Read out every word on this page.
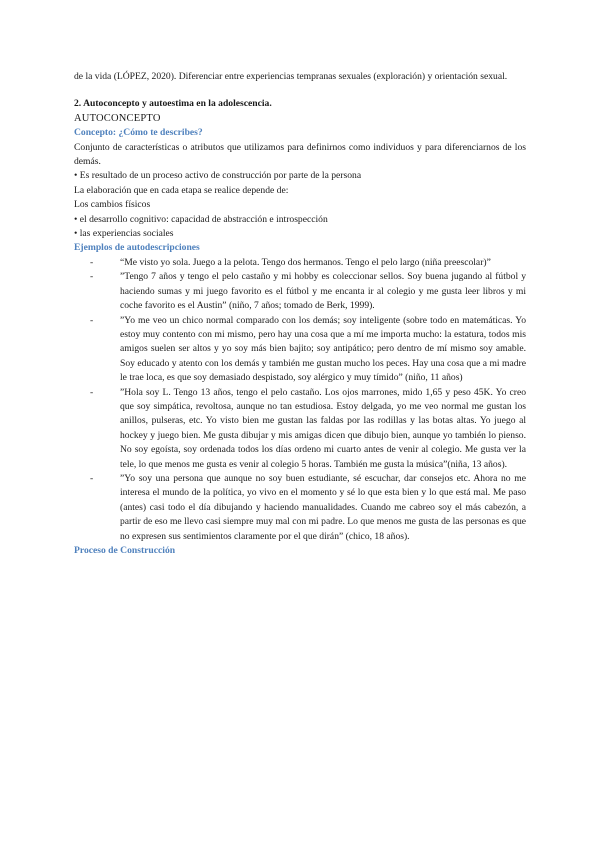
de la vida (LÓPEZ, 2020). Diferenciar entre experiencias tempranas sexuales (exploración) y orientación sexual.

2. Autoconcepto y autoestima en la adolescencia.

AUTOCONCEPTO

Concepto: ¿Cómo te describes?

Conjunto de características o atributos que utilizamos para definirnos como individuos y para diferenciarnos de los demás.

• Es resultado de un proceso activo de construcción por parte de la persona

La elaboración que en cada etapa se realice depende de:

Los cambios físicos

• el desarrollo cognitivo: capacidad de abstracción e introspección

• las experiencias sociales

Ejemplos de autodescripciones

-	“Me visto yo sola. Juego a la pelota. Tengo dos hermanos. Tengo el pelo largo (niña preescolar)”
-	”Tengo 7 años y tengo el pelo castaño y mi hobby es coleccionar sellos. Soy buena jugando al fútbol y haciendo sumas y mi juego favorito es el fútbol y me encanta ir al colegio y me gusta leer libros y mi coche favorito es el Austin” (niño, 7 años; tomado de Berk, 1999).
-	”Yo me veo un chico normal comparado con los demás; soy inteligente (sobre todo en matemáticas. Yo estoy muy contento con mi mismo, pero hay una cosa que a mí me importa mucho: la estatura, todos mis amigos suelen ser altos y yo soy más bien bajito; soy antipático; pero dentro de mí mismo soy amable. Soy educado y atento con los demás y también me gustan mucho los peces. Hay una cosa que a mi madre le trae loca, es que soy demasiado despistado, soy alérgico y muy tímido” (niño, 11 años)
-	”Hola soy L. Tengo 13 años, tengo el pelo castaño. Los ojos marrones, mido 1,65 y peso 45K. Yo creo que soy simpática, revoltosa, aunque no tan estudiosa. Estoy delgada, yo me veo normal me gustan los anillos, pulseras, etc. Yo visto bien me gustan las faldas por las rodillas y las botas altas. Yo juego al hockey y juego bien. Me gusta dibujar y mis amigas dicen que dibujo bien, aunque yo también lo pienso. No soy egoísta, soy ordenada todos los días ordeno mi cuarto antes de venir al colegio. Me gusta ver la tele, lo que menos me gusta es venir al colegio 5 horas. También me gusta la música”(niña, 13 años).
-	”Yo soy una persona que aunque no soy buen estudiante, sé escuchar, dar consejos etc. Ahora no me interesa el mundo de la política, yo vivo en el momento y sé lo que esta bien y lo que está mal. Me paso (antes) casi todo el día dibujando y haciendo manualidades. Cuando me cabreo soy el más cabezón, a partir de eso me llevo casi siempre muy mal con mi padre. Lo que menos me gusta de las personas es que no expresen sus sentimientos claramente por el que dirán” (chico, 18 años).

Proceso de Construcción
